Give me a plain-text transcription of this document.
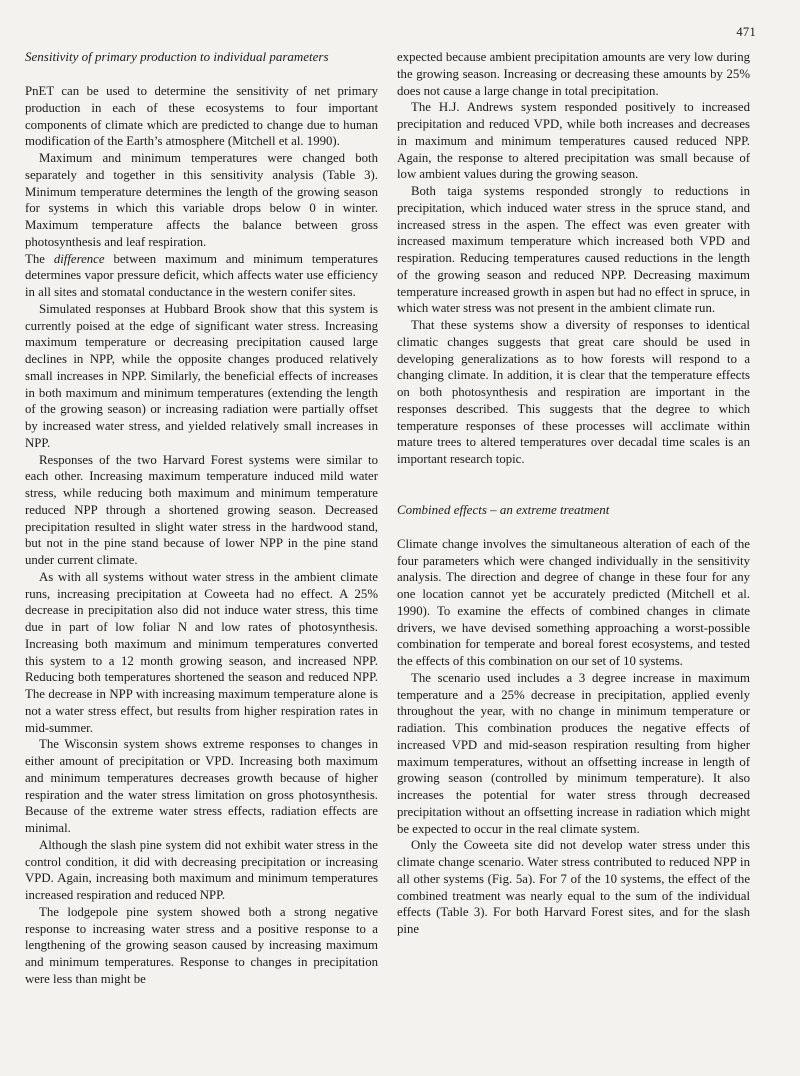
471
Sensitivity of primary production to individual parameters

PnET can be used to determine the sensitivity of net primary production in each of these ecosystems to four important components of climate which are predicted to change due to human modification of the Earth’s atmosphere (Mitchell et al. 1990).

Maximum and minimum temperatures were changed both separately and together in this sensitivity analysis (Table 3). Minimum temperature determines the length of the growing season for systems in which this variable drops below 0 in winter. Maximum temperature affects the balance between gross photosynthesis and leaf respiration.

The difference between maximum and minimum temperatures determines vapor pressure deficit, which affects water use efficiency in all sites and stomatal conductance in the western conifer sites.

Simulated responses at Hubbard Brook show that this system is currently poised at the edge of significant water stress. Increasing maximum temperature or decreasing precipitation caused large declines in NPP, while the opposite changes produced relatively small increases in NPP. Similarly, the beneficial effects of increases in both maximum and minimum temperatures (extending the length of the growing season) or increasing radiation were partially offset by increased water stress, and yielded relatively small increases in NPP.

Responses of the two Harvard Forest systems were similar to each other. Increasing maximum temperature induced mild water stress, while reducing both maximum and minimum temperature reduced NPP through a shortened growing season. Decreased precipitation resulted in slight water stress in the hardwood stand, but not in the pine stand because of lower NPP in the pine stand under current climate.

As with all systems without water stress in the ambient climate runs, increasing precipitation at Coweeta had no effect. A 25% decrease in precipitation also did not induce water stress, this time due in part of low foliar N and low rates of photosynthesis. Increasing both maximum and minimum temperatures converted this system to a 12 month growing season, and increased NPP. Reducing both temperatures shortened the season and reduced NPP. The decrease in NPP with increasing maximum temperature alone is not a water stress effect, but results from higher respiration rates in mid-summer.

The Wisconsin system shows extreme responses to changes in either amount of precipitation or VPD. Increasing both maximum and minimum temperatures decreases growth because of higher respiration and the water stress limitation on gross photosynthesis. Because of the extreme water stress effects, radiation effects are minimal.

Although the slash pine system did not exhibit water stress in the control condition, it did with decreasing precipitation or increasing VPD. Again, increasing both maximum and minimum temperatures increased respiration and reduced NPP.

The lodgepole pine system showed both a strong negative response to increasing water stress and a positive response to a lengthening of the growing season caused by increasing maximum and minimum temperatures. Response to changes in precipitation were less than might be

expected because ambient precipitation amounts are very low during the growing season. Increasing or decreasing these amounts by 25% does not cause a large change in total precipitation.

The H.J. Andrews system responded positively to increased precipitation and reduced VPD, while both increases and decreases in maximum and minimum temperatures caused reduced NPP. Again, the response to altered precipitation was small because of low ambient values during the growing season.

Both taiga systems responded strongly to reductions in precipitation, which induced water stress in the spruce stand, and increased stress in the aspen. The effect was even greater with increased maximum temperature which increased both VPD and respiration. Reducing temperatures caused reductions in the length of the growing season and reduced NPP. Decreasing maximum temperature increased growth in aspen but had no effect in spruce, in which water stress was not present in the ambient climate run.

That these systems show a diversity of responses to identical climatic changes suggests that great care should be used in developing generalizations as to how forests will respond to a changing climate. In addition, it is clear that the temperature effects on both photosynthesis and respiration are important in the responses described. This suggests that the degree to which temperature responses of these processes will acclimate within mature trees to altered temperatures over decadal time scales is an important research topic.

Combined effects – an extreme treatment

Climate change involves the simultaneous alteration of each of the four parameters which were changed individually in the sensitivity analysis. The direction and degree of change in these four for any one location cannot yet be accurately predicted (Mitchell et al. 1990). To examine the effects of combined changes in climate drivers, we have devised something approaching a worst-possible combination for temperate and boreal forest ecosystems, and tested the effects of this combination on our set of 10 systems.

The scenario used includes a 3 degree increase in maximum temperature and a 25% decrease in precipitation, applied evenly throughout the year, with no change in minimum temperature or radiation. This combination produces the negative effects of increased VPD and mid-season respiration resulting from higher maximum temperatures, without an offsetting increase in length of growing season (controlled by minimum temperature). It also increases the potential for water stress through decreased precipitation without an offsetting increase in radiation which might be expected to occur in the real climate system.

Only the Coweeta site did not develop water stress under this climate change scenario. Water stress contributed to reduced NPP in all other systems (Fig. 5a). For 7 of the 10 systems, the effect of the combined treatment was nearly equal to the sum of the individual effects (Table 3). For both Harvard Forest sites, and for the slash pine
